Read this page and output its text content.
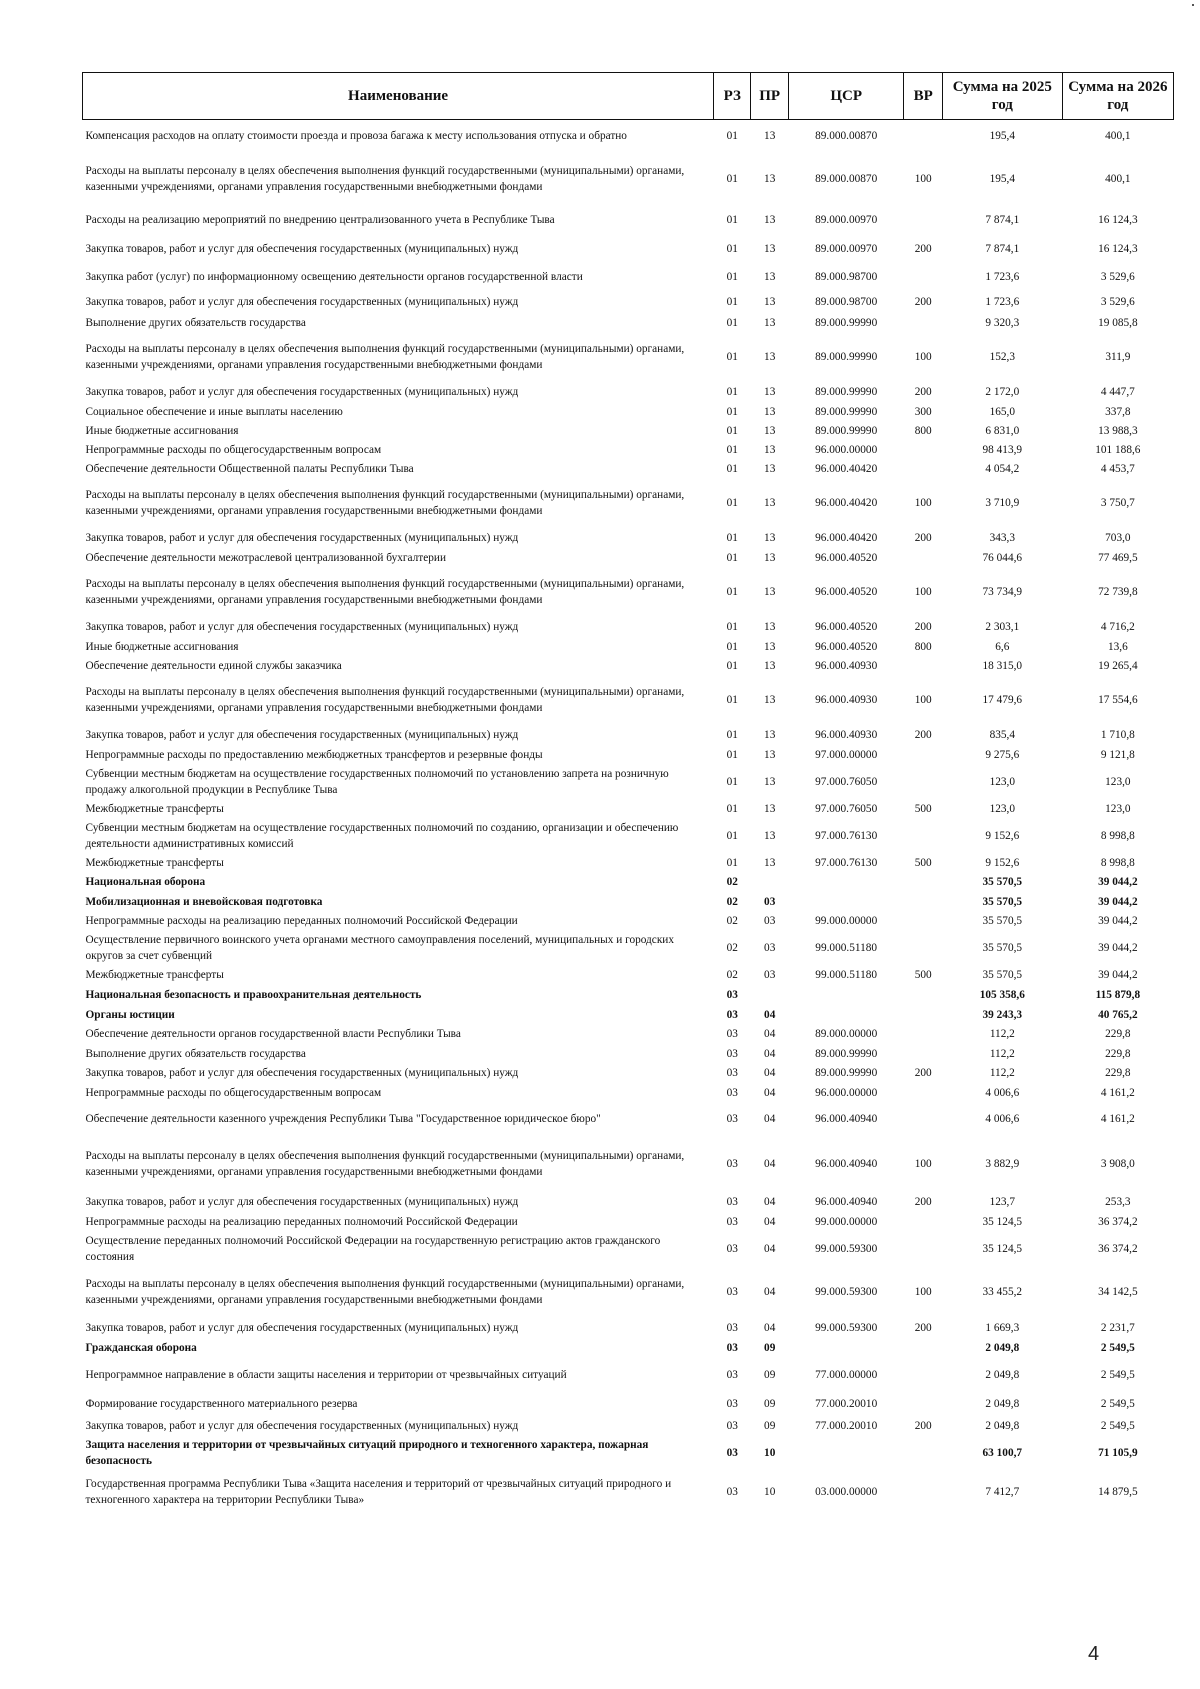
Наименование	РЗ	ПР	ЦСР	ВР	Сумма на 2025 год	Сумма на 2026 год
Компенсация расходов на оплату стоимости проезда и провоза багажа к месту использования отпуска и обратно	01	13	89.000.00870		195,4	400,1
Расходы на выплаты персоналу в целях обеспечения выполнения функций государственными (муниципальными) органами, казенными учреждениями, органами управления государственными внебюджетными фондами	01	13	89.000.00870	100	195,4	400,1
Расходы на реализацию мероприятий по внедрению централизованного учета в Республике Тыва	01	13	89.000.00970		7 874,1	16 124,3
Закупка товаров, работ и услуг для обеспечения государственных (муниципальных) нужд	01	13	89.000.00970	200	7 874,1	16 124,3
Закупка работ (услуг) по информационному освещению деятельности органов государственной власти	01	13	89.000.98700		1 723,6	3 529,6
Закупка товаров, работ и услуг для обеспечения государственных (муниципальных) нужд	01	13	89.000.98700	200	1 723,6	3 529,6
Выполнение других обязательств государства	01	13	89.000.99990		9 320,3	19 085,8
Расходы на выплаты персоналу в целях обеспечения выполнения функций государственными (муниципальными) органами, казенными учреждениями, органами управления государственными внебюджетными фондами	01	13	89.000.99990	100	152,3	311,9
Закупка товаров, работ и услуг для обеспечения государственных (муниципальных) нужд	01	13	89.000.99990	200	2 172,0	4 447,7
Социальное обеспечение и иные выплаты населению	01	13	89.000.99990	300	165,0	337,8
Иные бюджетные ассигнования	01	13	89.000.99990	800	6 831,0	13 988,3
Непрограммные расходы по общегосударственным вопросам	01	13	96.000.00000		98 413,9	101 188,6
Обеспечение деятельности Общественной палаты Республики Тыва	01	13	96.000.40420		4 054,2	4 453,7
Расходы на выплаты персоналу в целях обеспечения выполнения функций государственными (муниципальными) органами, казенными учреждениями, органами управления государственными внебюджетными фондами	01	13	96.000.40420	100	3 710,9	3 750,7
Закупка товаров, работ и услуг для обеспечения государственных (муниципальных) нужд	01	13	96.000.40420	200	343,3	703,0
Обеспечение деятельности межотраслевой централизованной бухгалтерии	01	13	96.000.40520		76 044,6	77 469,5
Расходы на выплаты персоналу в целях обеспечения выполнения функций государственными (муниципальными) органами, казенными учреждениями, органами управления государственными внебюджетными фондами	01	13	96.000.40520	100	73 734,9	72 739,8
Закупка товаров, работ и услуг для обеспечения государственных (муниципальных) нужд	01	13	96.000.40520	200	2 303,1	4 716,2
Иные бюджетные ассигнования	01	13	96.000.40520	800	6,6	13,6
Обеспечение деятельности единой службы заказчика	01	13	96.000.40930		18 315,0	19 265,4
Расходы на выплаты персоналу в целях обеспечения выполнения функций государственными (муниципальными) органами, казенными учреждениями, органами управления государственными внебюджетными фондами	01	13	96.000.40930	100	17 479,6	17 554,6
Закупка товаров, работ и услуг для обеспечения государственных (муниципальных) нужд	01	13	96.000.40930	200	835,4	1 710,8
Непрограммные расходы по предоставлению межбюджетных трансфертов и резервные фонды	01	13	97.000.00000		9 275,6	9 121,8
Субвенции местным бюджетам на осуществление государственных полномочий по установлению запрета на розничную продажу алкогольной продукции в Республике Тыва	01	13	97.000.76050		123,0	123,0
Межбюджетные трансферты	01	13	97.000.76050	500	123,0	123,0
Субвенции местным бюджетам на осуществление государственных полномочий по созданию, организации и обеспечению деятельности административных комиссий	01	13	97.000.76130		9 152,6	8 998,8
Межбюджетные трансферты	01	13	97.000.76130	500	9 152,6	8 998,8
Национальная оборона	02				35 570,5	39 044,2
Мобилизационная и вневойсковая подготовка	02	03			35 570,5	39 044,2
Непрограммные расходы на реализацию переданных полномочий Российской Федерации	02	03	99.000.00000		35 570,5	39 044,2
Осуществление первичного воинского учета органами местного самоуправления поселений, муниципальных и городских округов за счет субвенций	02	03	99.000.51180		35 570,5	39 044,2
Межбюджетные трансферты	02	03	99.000.51180	500	35 570,5	39 044,2
Национальная безопасность и правоохранительная деятельность	03				105 358,6	115 879,8
Органы юстиции	03	04			39 243,3	40 765,2
Обеспечение деятельности органов государственной власти Республики Тыва	03	04	89.000.00000		112,2	229,8
Выполнение других обязательств государства	03	04	89.000.99990		112,2	229,8
Закупка товаров, работ и услуг для обеспечения государственных (муниципальных) нужд	03	04	89.000.99990	200	112,2	229,8
Непрограммные расходы по общегосударственным вопросам	03	04	96.000.00000		4 006,6	4 161,2
Обеспечение деятельности казенного учреждения Республики Тыва "Государственное юридическое бюро"	03	04	96.000.40940		4 006,6	4 161,2
Расходы на выплаты персоналу в целях обеспечения выполнения функций государственными (муниципальными) органами, казенными учреждениями, органами управления государственными внебюджетными фондами	03	04	96.000.40940	100	3 882,9	3 908,0
Закупка товаров, работ и услуг для обеспечения государственных (муниципальных) нужд	03	04	96.000.40940	200	123,7	253,3
Непрограммные расходы на реализацию переданных полномочий Российской Федерации	03	04	99.000.00000		35 124,5	36 374,2
Осуществление переданных полномочий Российской Федерации на государственную регистрацию актов гражданского состояния	03	04	99.000.59300		35 124,5	36 374,2
Расходы на выплаты персоналу в целях обеспечения выполнения функций государственными (муниципальными) органами, казенными учреждениями, органами управления государственными внебюджетными фондами	03	04	99.000.59300	100	33 455,2	34 142,5
Закупка товаров, работ и услуг для обеспечения государственных (муниципальных) нужд	03	04	99.000.59300	200	1 669,3	2 231,7
Гражданская оборона	03	09			2 049,8	2 549,5
Непрограммное направление в области защиты населения и территории от чрезвычайных ситуаций	03	09	77.000.00000		2 049,8	2 549,5
Формирование государственного материального резерва	03	09	77.000.20010		2 049,8	2 549,5
Закупка товаров, работ и услуг для обеспечения государственных (муниципальных) нужд	03	09	77.000.20010	200	2 049,8	2 549,5
Защита населения и территории от чрезвычайных ситуаций природного и техногенного характера, пожарная безопасность	03	10			63 100,7	71 105,9
Государственная программа Республики Тыва «Защита населения и территорий от чрезвычайных ситуаций природного и техногенного характера на территории Республики Тыва»	03	10	03.000.00000		7 412,7	14 879,5
4
